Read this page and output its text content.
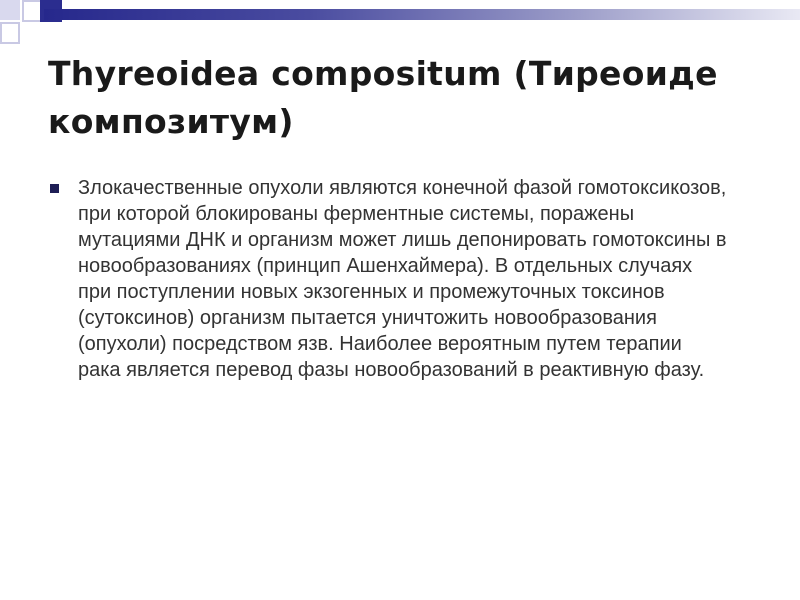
Thyreoidea compositum (Тиреоиде композитум)
Злокачественные опухоли являются конечной фазой гомотоксикозов, при которой блокированы ферментные системы, поражены мутациями ДНК и организм может лишь депонировать гомотоксины в новообразованиях (принцип Ашенхаймера). В отдельных случаях при поступлении новых экзогенных и промежуточных токсинов (сутоксинов) организм пытается уничтожить новообразования (опухоли) посредством язв. Наиболее вероятным путем терапии рака является перевод фазы новообразований в реактивную фазу.
